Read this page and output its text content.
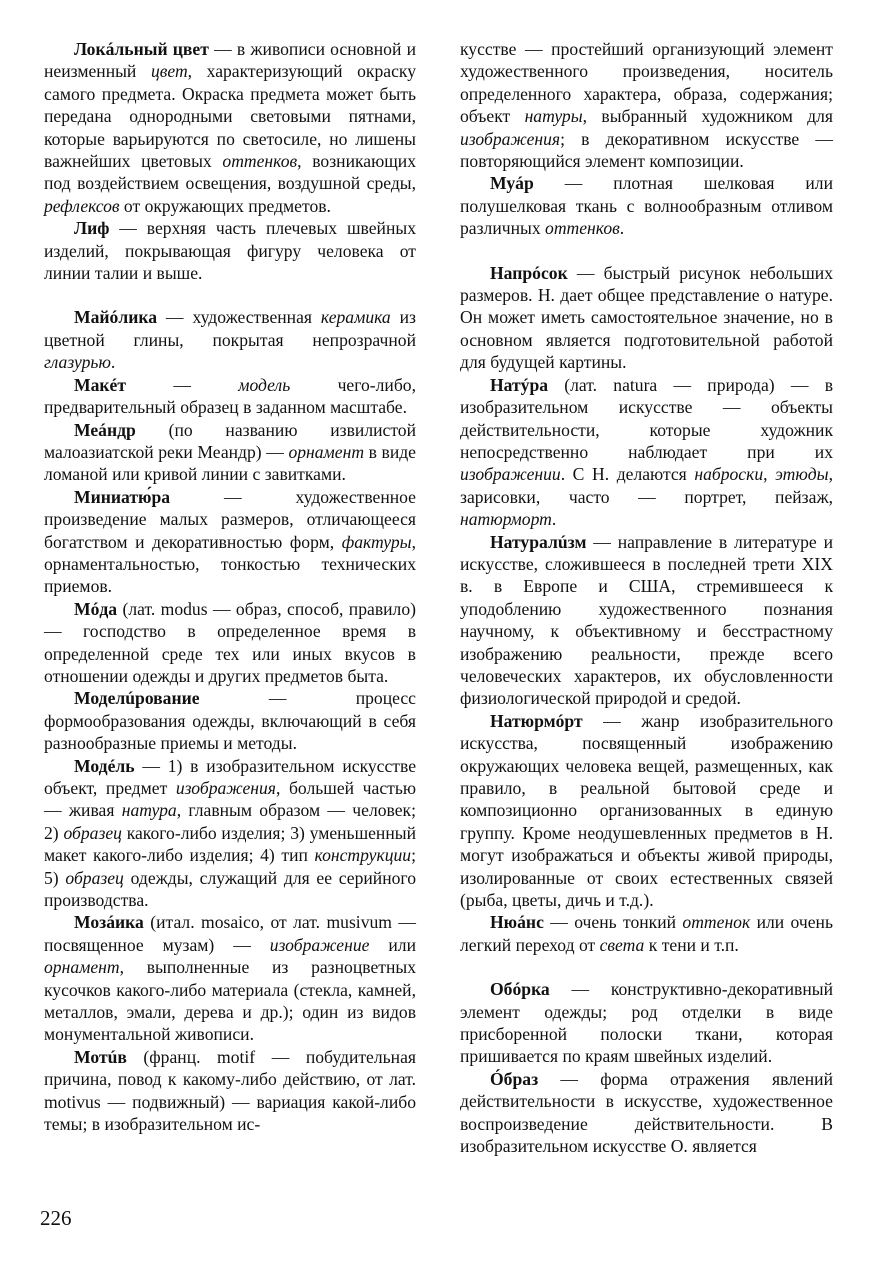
Локáльный цвет — в живописи основной и неизменный цвет, характеризующий окраску самого предмета. Окраска предмета может быть передана однородными световыми пятнами, которые варьируются по светосиле, но лишены важнейших цветовых оттенков, возникающих под воздействием освещения, воздушной среды, рефлексов от окружающих предметов.

Лиф — верхняя часть плечевых швейных изделий, покрывающая фигуру человека от линии талии и выше.

Майóлика — художественная керамика из цветной глины, покрытая непрозрачной глазурью.

Макéт — модель чего-либо, предварительный образец в заданном масштабе.

Меáндр (по названию извилистой малоазиатской реки Меандр) — орнамент в виде ломаной или кривой линии с завитками.

Миниатю́ра — художественное произведение малых размеров, отличающееся богатством и декоративностью форм, фактуры, орнаментальностью, тонкостью технических приемов.

Мóда (лат. modus — образ, способ, правило) — господство в определенное время в определенной среде тех или иных вкусов в отношении одежды и других предметов быта.

Моделúрование — процесс формообразования одежды, включающий в себя разнообразные приемы и методы.

Модéль — 1) в изобразительном искусстве объект, предмет изображения, большей частью — живая натура, главным образом — человек; 2) образец какого-либо изделия; 3) уменьшенный макет какого-либо изделия; 4) тип конструкции; 5) образец одежды, служащий для ее серийного производства.

Мозáика (итал. mosaico, от лат. musivum — посвященное музам) — изображение или орнамент, выполненные из разноцветных кусочков какого-либо материала (стекла, камней, металлов, эмали, дерева и др.); один из видов монументальной живописи.

Мотúв (франц. motif — побудительная причина, повод к какому-либо действию, от лат. motivus — подвижный) — вариация какой-либо темы; в изобразительном ис-

кусстве — простейший организующий элемент художественного произведения, носитель определенного характера, образа, содержания; объект натуры, выбранный художником для изображения; в декоративном искусстве — повторяющийся элемент композиции.

Муáр — плотная шелковая или полушелковая ткань с волнообразным отливом различных оттенков.

Напрóсок — быстрый рисунок небольших размеров. Н. дает общее представление о натуре. Он может иметь самостоятельное значение, но в основном является подготовительной работой для будущей картины.

Натýра (лат. natura — природа) — в изобразительном искусстве — объекты действительности, которые художник непосредственно наблюдает при их изображении. С Н. делаются наброски, этюды, зарисовки, часто — портрет, пейзаж, натюрморт.

Натуралúзм — направление в литературе и искусстве, сложившееся в последней трети XIX в. в Европе и США, стремившееся к уподоблению художественного познания научному, к объективному и бесстрастному изображению реальности, прежде всего человеческих характеров, их обусловленности физиологической природой и средой.

Натюрмóрт — жанр изобразительного искусства, посвященный изображению окружающих человека вещей, размещенных, как правило, в реальной бытовой среде и композиционно организованных в единую группу. Кроме неодушевленных предметов в Н. могут изображаться и объекты живой природы, изолированные от своих естественных связей (рыба, цветы, дичь и т.д.).

Нюáнс — очень тонкий оттенок или очень легкий переход от света к тени и т.п.

Обóрка — конструктивно-декоративный элемент одежды; род отделки в виде присборенной полоски ткани, которая пришивается по краям швейных изделий.

Óбраз — форма отражения явлений действительности в искусстве, художественное воспроизведение действительности. В изобразительном искусстве О. является

226
